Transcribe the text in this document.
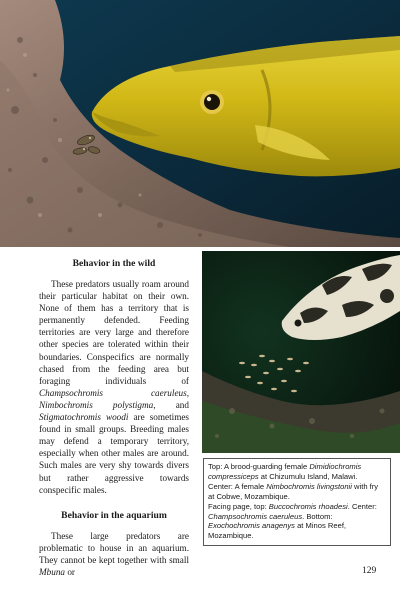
Behavior in the wild

These predators usually roam around their particular habitat on their own. None of them has a territory that is permanently defended. Feeding territories are very large and therefore other species are tolerated within their boundaries. Conspecifics are normally chased from the feeding area but foraging individuals of Champsochromis caeruleus, Nimbochromis polystigma, and Stigmatochromis woodi are sometimes found in small groups. Breeding males may defend a temporary territory, especially when other males are around. Such males are very shy towards divers but rather aggressive towards conspecific males.

Behavior in the aquarium

These large predators are problematic to house in an aquarium. They cannot be kept together with small Mbuna or

Top: A brood-guarding female Dimidiochromis compressiceps at Chizumulu Island, Malawi.

Center: A female Nimbochromis livingstonii with fry at Cobwe, Mozambique.

Facing page, top: Buccochromis rhoadesi. Center: Champsochromis caeruleus. Bottom: Exochochromis anagenys at Minos Reef, Mozambique.

129
